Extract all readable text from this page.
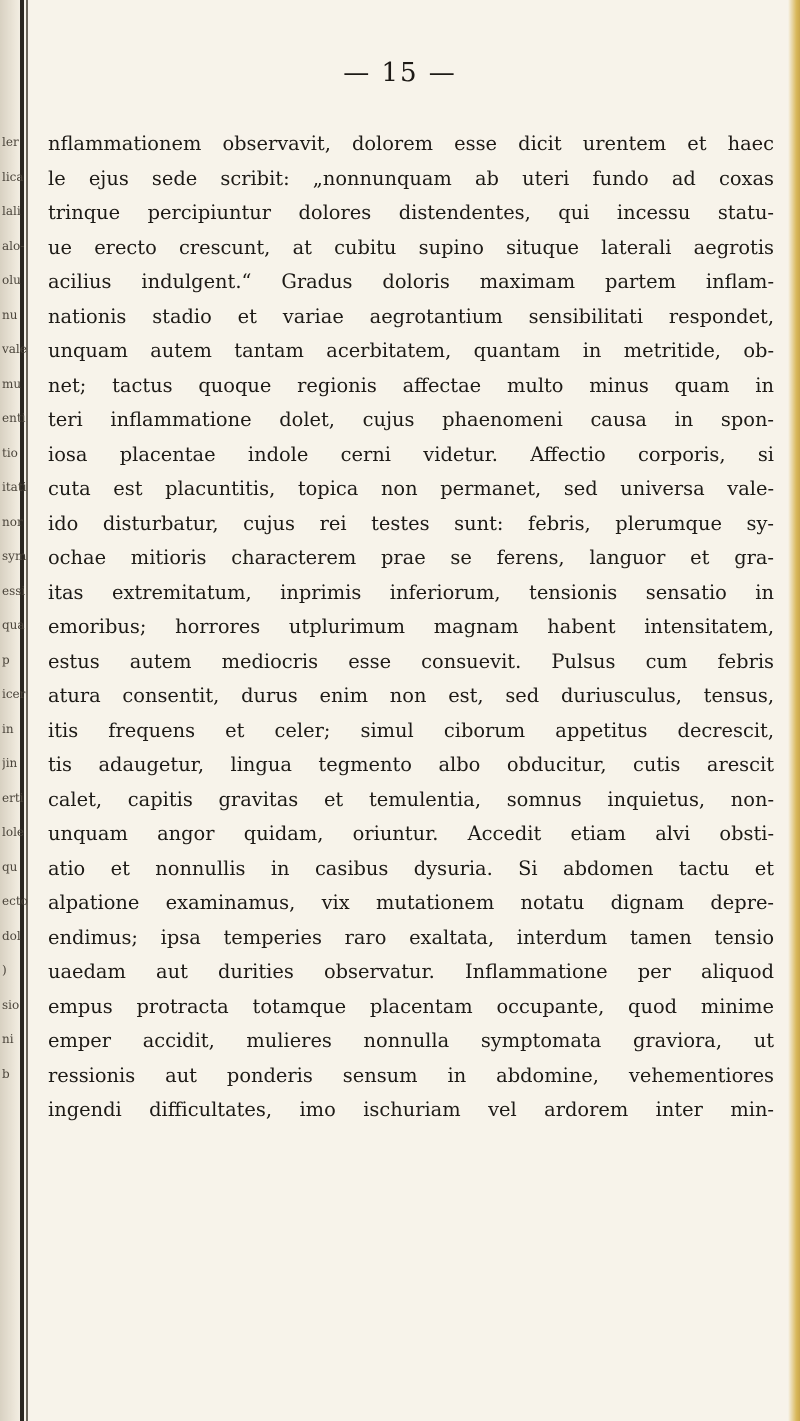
— 15 —
ler
lica
lali
alo-
olu
nu
vale
mu
enti
tio
itati
nor
sym
essi
qua
p
icer
in
jin
erti
lole
qu
ecto
dol
)
sio
ni
b
nflammationem observavit, dolorem esse dicit urentem et haec
le ejus sede scribit: „nonnunquam ab uteri fundo ad coxas
trinque percipiuntur dolores distendentes, qui incessu statu-
ue erecto crescunt, at cubitu supino situque laterali aegrotis
acilius indulgent.“ Gradus doloris maximam partem inflam-
nationis stadio et variae aegrotantium sensibilitati respondet,
unquam autem tantam acerbitatem, quantam in metritide, ob-
net; tactus quoque regionis affectae multo minus quam in
teri inflammatione dolet, cujus phaenomeni causa in spon-
iosa placentae indole cerni videtur. Affectio corporis, si
cuta est placuntitis, topica non permanet, sed universa vale-
ido disturbatur, cujus rei testes sunt: febris, plerumque sy-
ochae mitioris characterem prae se ferens, languor et gra-
itas extremitatum, inprimis inferiorum, tensionis sensatio in
emoribus; horrores utplurimum magnam habent intensitatem,
estus autem mediocris esse consuevit. Pulsus cum febris
atura consentit, durus enim non est, sed duriusculus, tensus,
itis frequens et celer; simul ciborum appetitus decrescit,
tis adaugetur, lingua tegmento albo obducitur, cutis arescit
calet, capitis gravitas et temulentia, somnus inquietus, non-
unquam angor quidam, oriuntur. Accedit etiam alvi obsti-
atio et nonnullis in casibus dysuria. Si abdomen tactu et
alpatione examinamus, vix mutationem notatu dignam depre-
endimus; ipsa temperies raro exaltata, interdum tamen tensio
uaedam aut durities observatur. Inflammatione per aliquod
empus protracta totamque placentam occupante, quod minime
emper accidit, mulieres nonnulla symptomata graviora, ut
ressionis aut ponderis sensum in abdomine, vehementiores
ingendi difficultates, imo ischuriam vel ardorem inter min-
